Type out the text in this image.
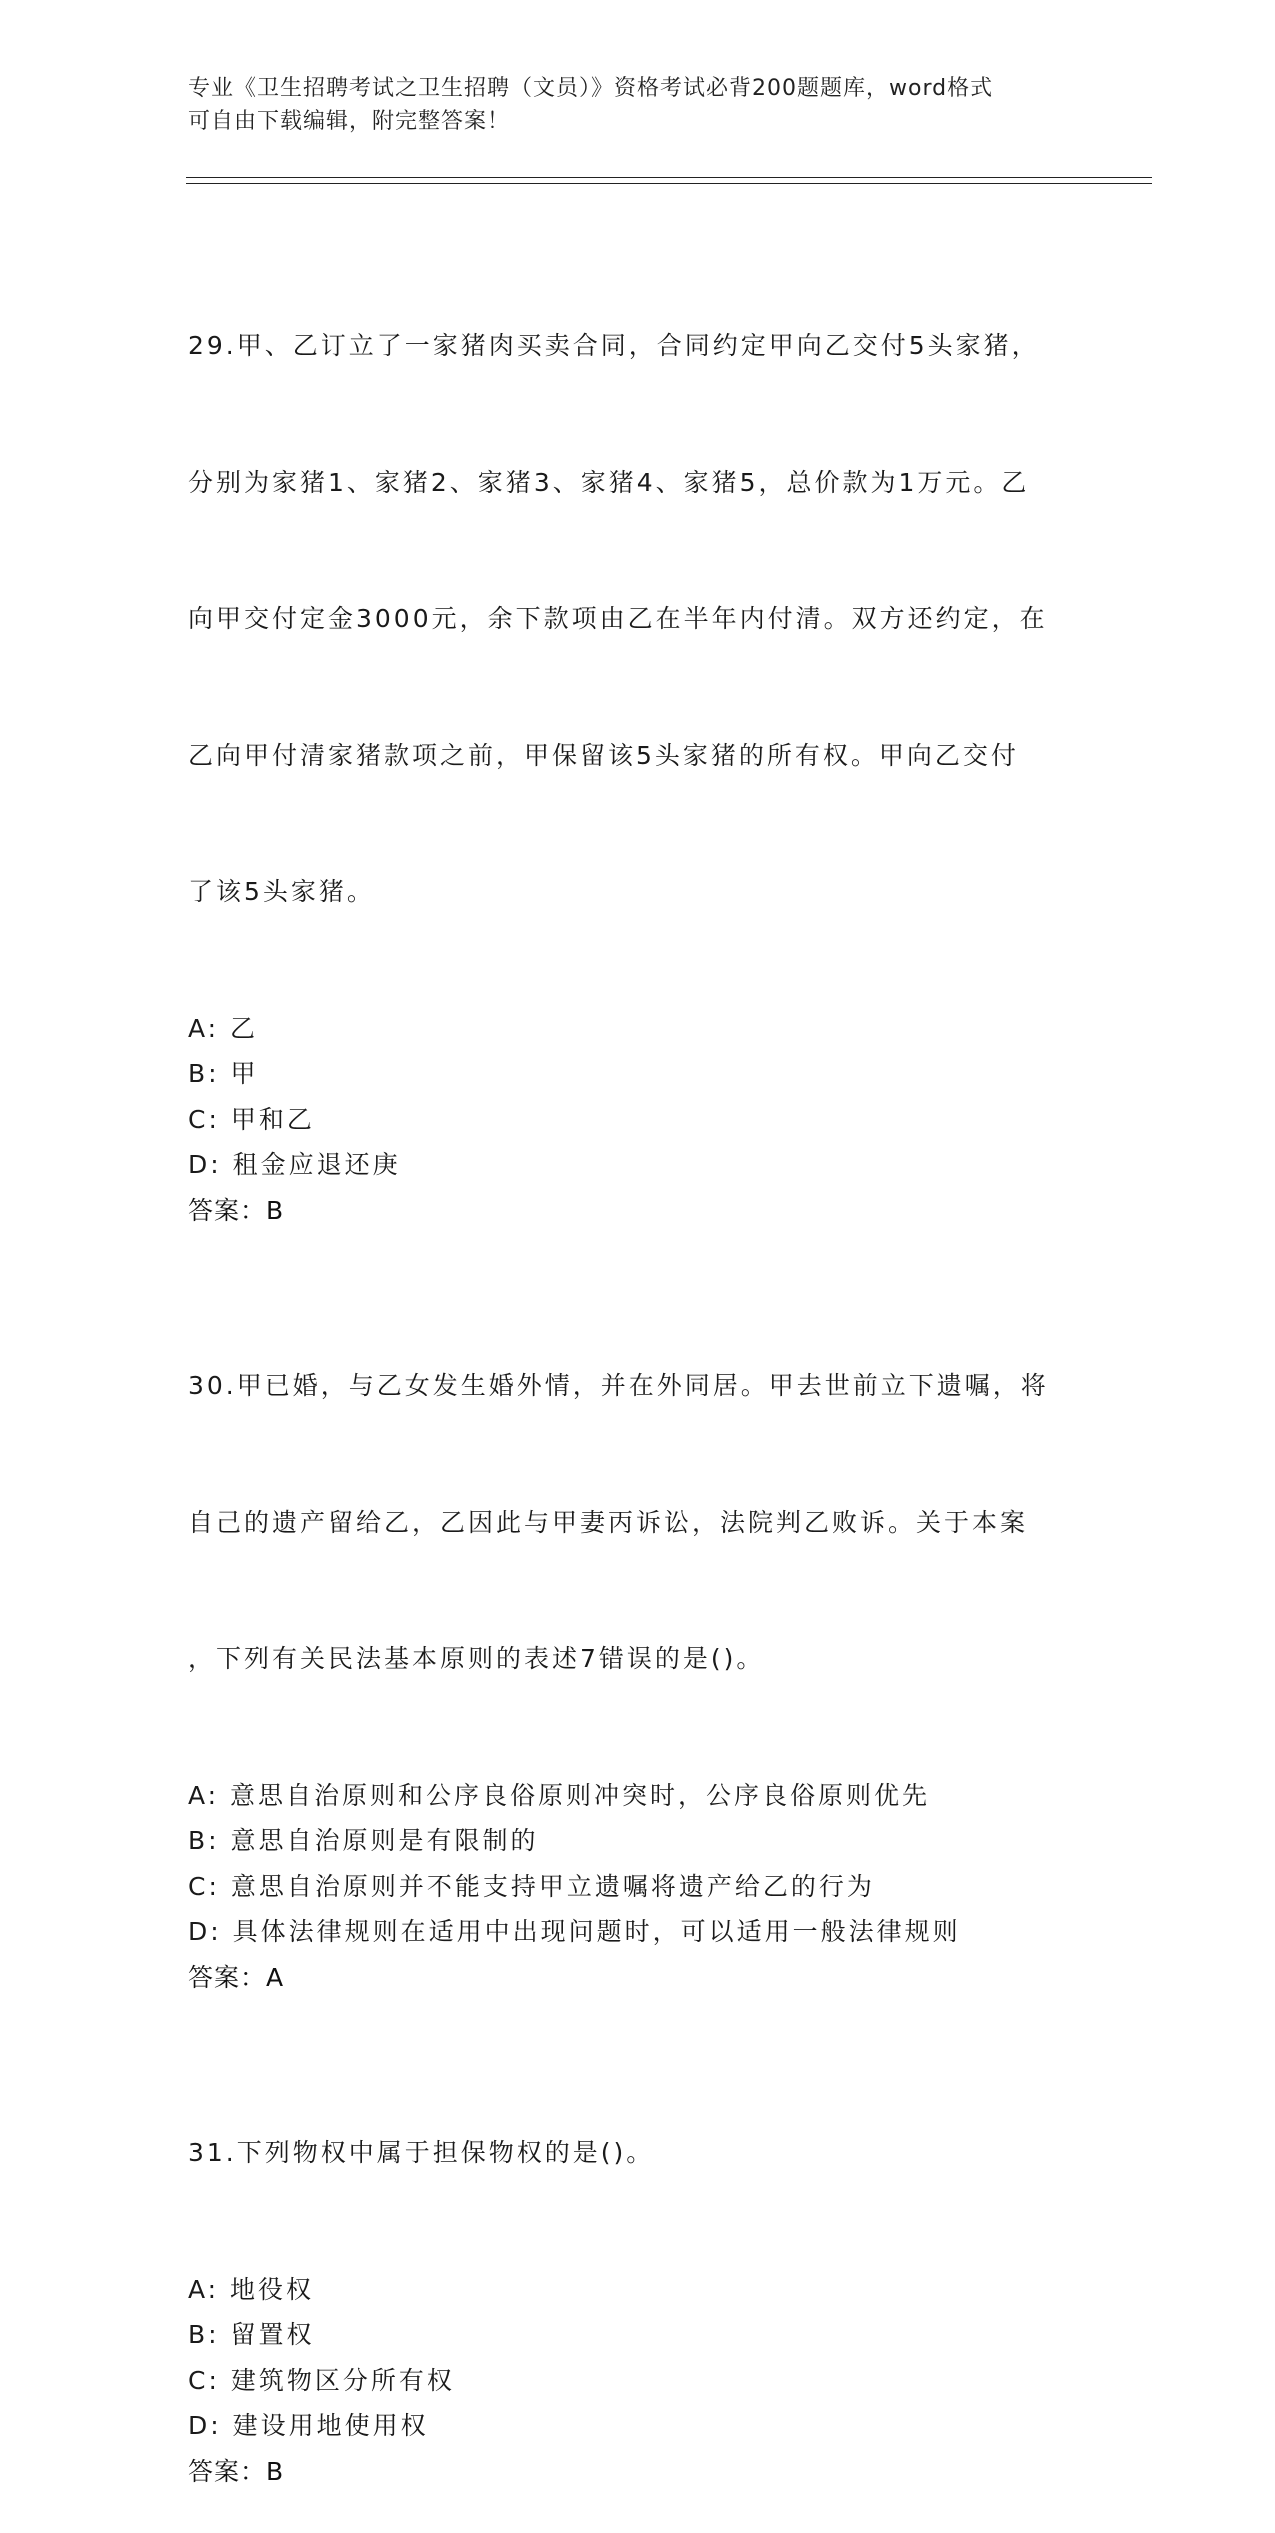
专业《卫生招聘考试之卫生招聘（文员）》资格考试必背200题题库，word格式
可自由下载编辑，附完整答案！

29.甲、乙订立了一家猪肉买卖合同，合同约定甲向乙交付5头家猪，

分别为家猪1、家猪2、家猪3、家猪4、家猪5，总价款为1万元。乙

向甲交付定金3000元，余下款项由乙在半年内付清。双方还约定，在

乙向甲付清家猪款项之前，甲保留该5头家猪的所有权。甲向乙交付

了该5头家猪。

A: 乙
B: 甲
C: 甲和乙
D: 租金应退还庚
答案：B

30.甲已婚，与乙女发生婚外情，并在外同居。甲去世前立下遗嘱，将

自己的遗产留给乙，乙因此与甲妻丙诉讼，法院判乙败诉。关于本案

，下列有关民法基本原则的表述7错误的是()。

A: 意思自治原则和公序良俗原则冲突时，公序良俗原则优先
B: 意思自治原则是有限制的
C: 意思自治原则并不能支持甲立遗嘱将遗产给乙的行为
D: 具体法律规则在适用中出现问题时，可以适用一般法律规则
答案：A

31.下列物权中属于担保物权的是()。

A: 地役权
B: 留置权
C: 建筑物区分所有权
D: 建设用地使用权
答案：B
